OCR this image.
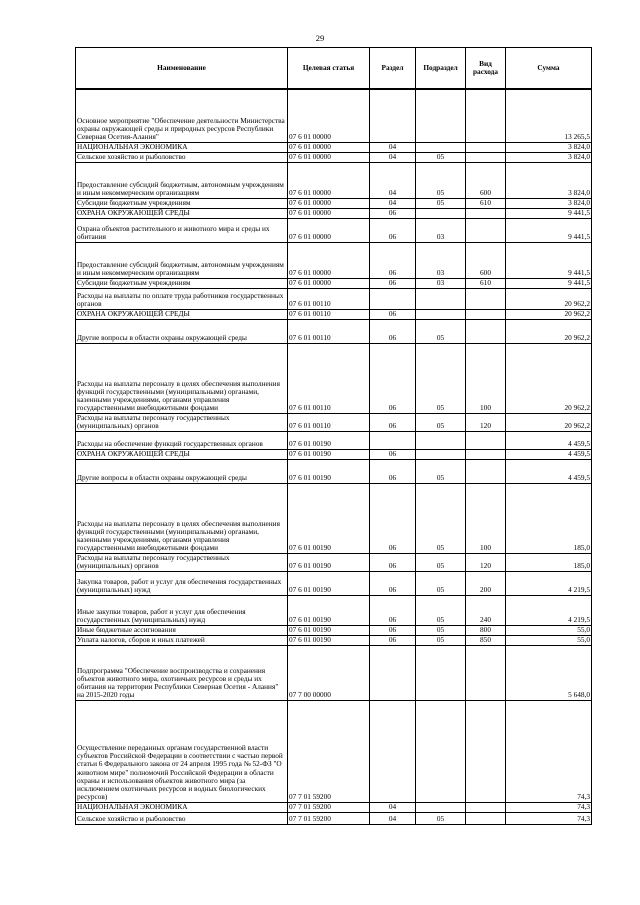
29
Наименование	Целевая статья	Раздел	Подраздел	Вид расхода	Сумма
Основное мероприятие "Обеспечение деятельности Министерства охраны окружающей среды и природных ресурсов Республики Северная Осетия-Алания"	07 6 01 00000				13 265,5
НАЦИОНАЛЬНАЯ ЭКОНОМИКА	07 6 01 00000	04			3 824,0
Сельское хозяйство и рыболовство	07 6 01 00000	04	05		3 824,0
Предоставление субсидий бюджетным, автономным учреждениям и иным некоммерческим организациям	07 6 01 00000	04	05	600	3 824,0
Субсидии бюджетным учреждениям	07 6 01 00000	04	05	610	3 824,0
ОХРАНА ОКРУЖАЮЩЕЙ СРЕДЫ	07 6 01 00000	06			9 441,5
Охрана объектов растительного и животного мира и среды их обитания	07 6 01 00000	06	03		9 441,5
Предоставление субсидий бюджетным, автономным учреждениям и иным некоммерческим организациям	07 6 01 00000	06	03	600	9 441,5
Субсидии бюджетным учреждениям	07 6 01 00000	06	03	610	9 441,5
Расходы на выплаты по оплате труда работников государственных органов	07 6 01 00110				20 962,2
ОХРАНА ОКРУЖАЮЩЕЙ СРЕДЫ	07 6 01 00110	06			20 962,2
Другие вопросы в области охраны окружающей среды	07 6 01 00110	06	05		20 962,2
Расходы на выплаты персоналу в целях обеспечения выполнения функций государственными (муниципальными) органами, казенными учреждениями, органами управления государственными внебюджетными фондами	07 6 01 00110	06	05	100	20 962,2
Расходы на выплаты персоналу государственных (муниципальных) органов	07 6 01 00110	06	05	120	20 962,2
Расходы на обеспечение функций государственных органов	07 6 01 00190				4 459,5
ОХРАНА ОКРУЖАЮЩЕЙ СРЕДЫ	07 6 01 00190	06			4 459,5
Другие вопросы в области охраны окружающей среды	07 6 01 00190	06	05		4 459,5
Расходы на выплаты персоналу в целях обеспечения выполнения функций государственными (муниципальными) органами, казенными учреждениями, органами управления государственными внебюджетными фондами	07 6 01 00190	06	05	100	185,0
Расходы на выплаты персоналу государственных (муниципальных) органов	07 6 01 00190	06	05	120	185,0
Закупка товаров, работ и услуг для обеспечения государственных (муниципальных) нужд	07 6 01 00190	06	05	200	4 219,5
Иные закупки товаров, работ и услуг для обеспечения государственных (муниципальных) нужд	07 6 01 00190	06	05	240	4 219,5
Иные бюджетные ассигнования	07 6 01 00190	06	05	800	55,0
Уплата налогов, сборов и иных платежей	07 6 01 00190	06	05	850	55,0
Подпрограмма "Обеспечение воспроизводства и сохранения объектов животного мира, охотничьих ресурсов и среды их обитания на территории Республики Северная Осетия - Алания" на 2015-2020 годы	07 7 00 00000				5 648,0
Осуществление переданных органам государственной власти субъектов Российской Федерации в соответствии с частью первой статьи 6 Федерального закона от 24 апреля 1995 года № 52-ФЗ "О животном мире" полномочий Российской Федерации в области охраны и использования объектов животного мира (за исключением охотничьих ресурсов и водных биологических ресурсов)	07 7 01 59200				74,3
НАЦИОНАЛЬНАЯ ЭКОНОМИКА	07 7 01 59200	04			74,3
Сельское хозяйство и рыболовство	07 7 01 59200	04	05		74,3
